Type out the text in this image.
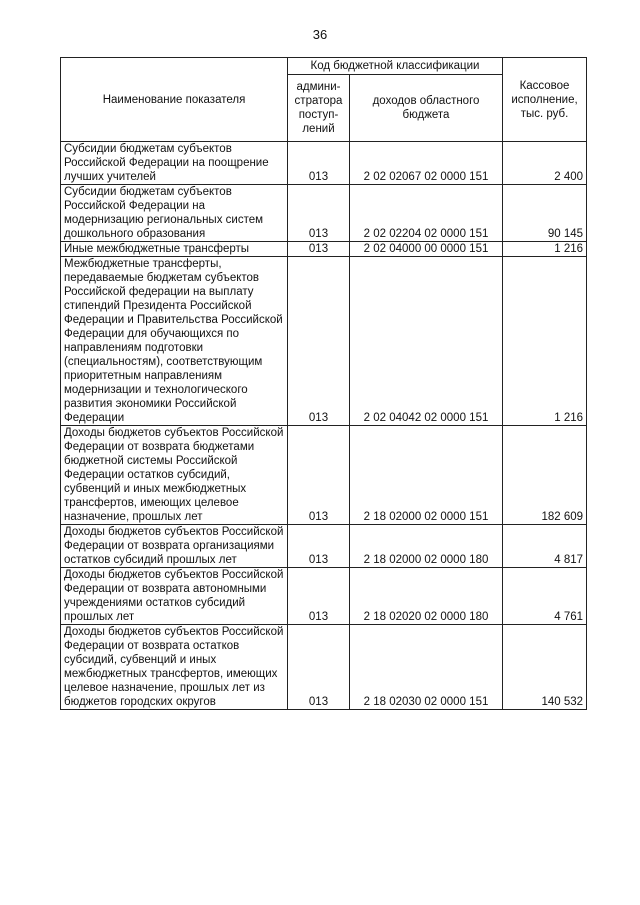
36
Наименование показателя	Код бюджетной классификации		Кассовое исполнение, тыс. руб.
	админи-стратора поступ-лений	доходов областного бюджета	
Субсидии бюджетам субъектов Российской Федерации на поощрение лучших учителей	013	2 02 02067 02 0000 151	2 400
Субсидии бюджетам субъектов Российской Федерации на модернизацию региональных систем дошкольного образования	013	2 02 02204 02 0000 151	90 145
Иные межбюджетные трансферты	013	2 02 04000 00 0000 151	1 216
Межбюджетные трансферты, передаваемые бюджетам субъектов Российской федерации на выплату стипендий Президента Российской Федерации и Правительства Российской Федерации для обучающихся по направлениям подготовки (специальностям), соответствующим приоритетным направлениям модернизации и технологического развития экономики Российской Федерации	013	2 02 04042 02 0000 151	1 216
Доходы бюджетов субъектов Российской Федерации от возврата бюджетами бюджетной системы Российской Федерации остатков субсидий, субвенций и иных межбюджетных трансфертов, имеющих целевое назначение, прошлых лет	013	2 18 02000 02 0000 151	182 609
Доходы бюджетов субъектов Российской Федерации от возврата организациями остатков субсидий прошлых лет	013	2 18 02000 02 0000 180	4 817
Доходы бюджетов субъектов Российской Федерации от возврата автономными учреждениями остатков субсидий прошлых лет	013	2 18 02020 02 0000 180	4 761
Доходы бюджетов субъектов Российской Федерации от возврата остатков субсидий, субвенций и иных межбюджетных трансфертов, имеющих целевое назначение, прошлых лет из бюджетов городских округов	013	2 18 02030 02 0000 151	140 532
